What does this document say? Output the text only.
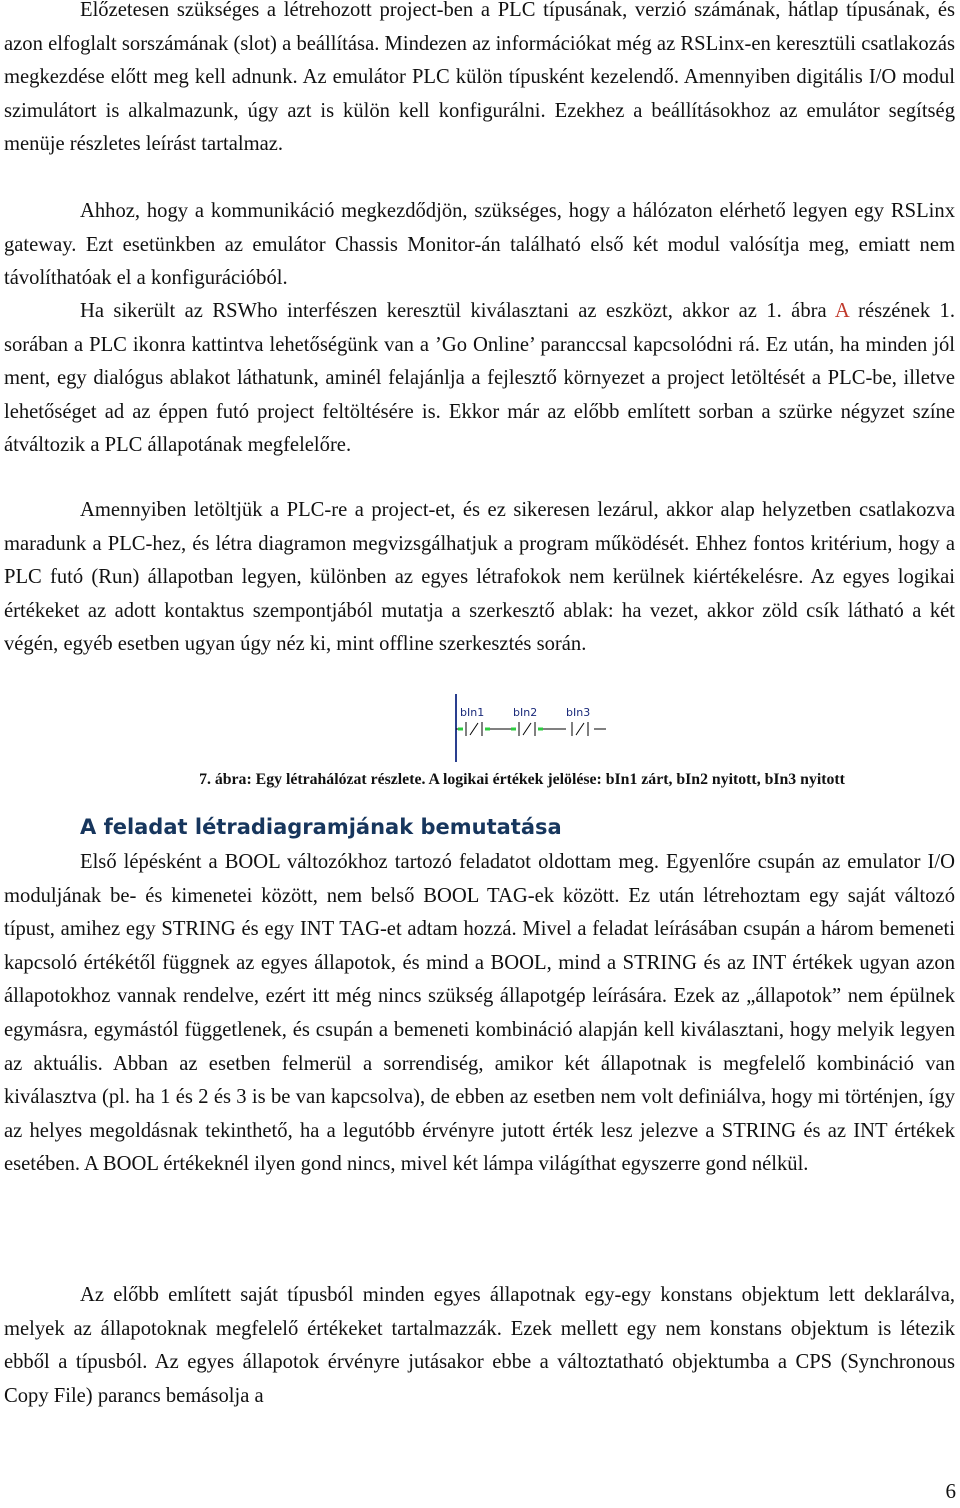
Előzetesen szükséges a létrehozott project-ben a PLC típusának, verzió számának, hátlap típusának, és azon elfoglalt sorszámának (slot) a beállítása. Mindezen az információkat még az RSLinx-en keresztüli csatlakozás megkezdése előtt meg kell adnunk. Az emulátor PLC külön típusként kezelendő. Amennyiben digitális I/O modul szimulátort is alkalmazunk, úgy azt is külön kell konfigurálni. Ezekhez a beállításokhoz az emulátor segítség menüje részletes leírást tartalmaz.

Ahhoz, hogy a kommunikáció megkezdődjön, szükséges, hogy a hálózaton elérhető legyen egy RSLinx gateway. Ezt esetünkben az emulátor Chassis Monitor-án található első két modul valósítja meg, emiatt nem távolíthatóak el a konfigurációból.

Ha sikerült az RSWho interfészen keresztül kiválasztani az eszközt, akkor az 1. ábra A részének 1. sorában a PLC ikonra kattintva lehetőségünk van a ’Go Online’ paranccsal kapcsolódni rá. Ez után, ha minden jól ment, egy dialógus ablakot láthatunk, aminél felajánlja a fejlesztő környezet a project letöltését a PLC-be, illetve lehetőséget ad az éppen futó project feltöltésére is. Ekkor már az előbb említett sorban a szürke négyzet színe átváltozik a PLC állapotának megfelelőre.

Amennyiben letöltjük a PLC-re a project-et, és ez sikeresen lezárul, akkor alap helyzetben csatlakozva maradunk a PLC-hez, és létra diagramon megvizsgálhatjuk a program működését. Ehhez fontos kritérium, hogy a PLC futó (Run) állapotban legyen, különben az egyes létrafokok nem kerülnek kiértékelésre. Az egyes logikai értékeket az adott kontaktus szempontjából mutatja a szerkesztő ablak: ha vezet, akkor zöld csík látható a két végén, egyéb esetben ugyan úgy néz ki, mint offline szerkesztés során.

bIn1	bIn2	bIn3
7. ábra: Egy létrahálózat részlete. A logikai értékek jelölése: bIn1 zárt, bIn2 nyitott, bIn3 nyitott
A feladat létradiagramjának bemutatása

Első lépésként a BOOL változókhoz tartozó feladatot oldottam meg. Egyenlőre csupán az emulator I/O moduljának be- és kimenetei között, nem belső BOOL TAG-ek között. Ez után létrehoztam egy saját változó típust, amihez egy STRING és egy INT TAG-et adtam hozzá. Mivel a feladat leírásában csupán a három bemeneti kapcsoló értékétől függnek az egyes állapotok, és mind a BOOL, mind a STRING és az INT értékek ugyan azon állapotokhoz vannak rendelve, ezért itt még nincs szükség állapotgép leírására. Ezek az „állapotok” nem épülnek egymásra, egymástól függetlenek, és csupán a bemeneti kombináció alapján kell kiválasztani, hogy melyik legyen az aktuális. Abban az esetben felmerül a sorrendiség, amikor két állapotnak is megfelelő kombináció van kiválasztva (pl. ha 1 és 2 és 3 is be van kapcsolva), de ebben az esetben nem volt definiálva, hogy mi történjen, így az helyes megoldásnak tekinthető, ha a legutóbb érvényre jutott érték lesz jelezve a STRING és az INT értékek esetében. A BOOL értékeknél ilyen gond nincs, mivel két lámpa világíthat egyszerre gond nélkül.

Az előbb említett saját típusból minden egyes állapotnak egy-egy konstans objektum lett deklarálva, melyek az állapotoknak megfelelő értékeket tartalmazzák. Ezek mellett egy nem konstans objektum is létezik ebből a típusból. Az egyes állapotok érvényre jutásakor ebbe a változtatható objektumba a CPS (Synchronous Copy File) parancs bemásolja a

6
